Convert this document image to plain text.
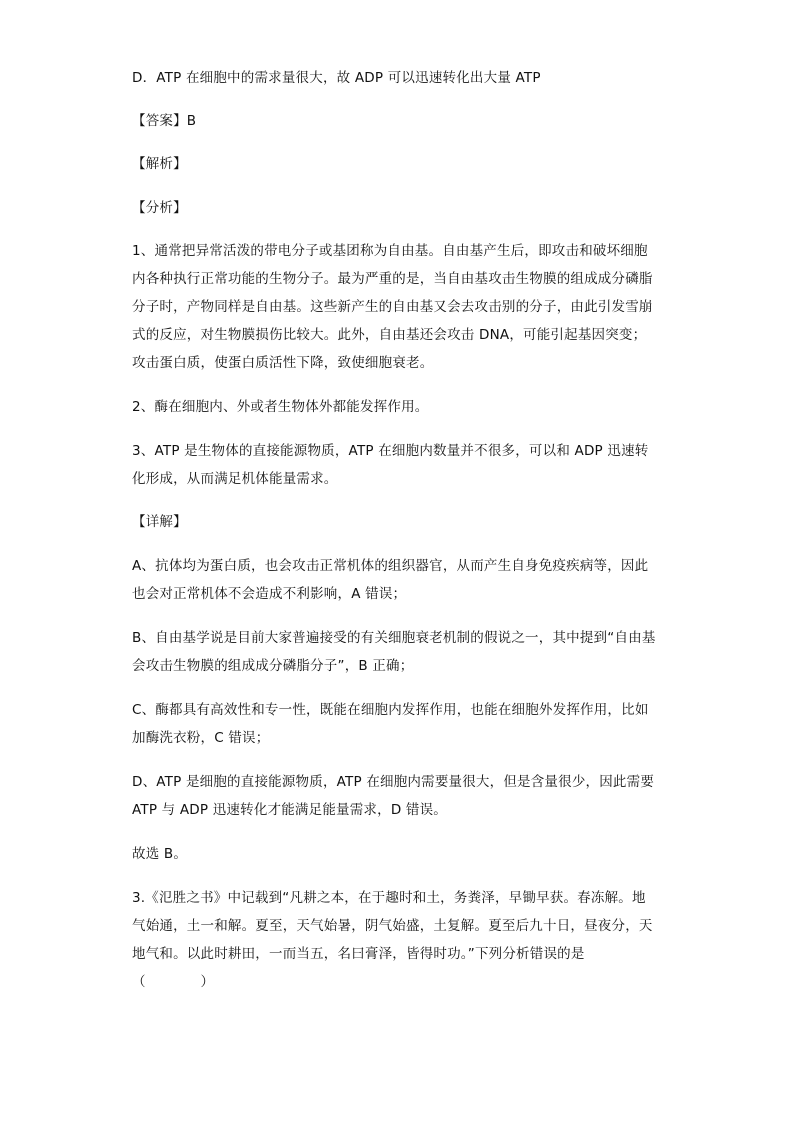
D．ATP 在细胞中的需求量很大，故 ADP 可以迅速转化出大量 ATP

【答案】B

【解析】

【分析】

1、通常把异常活泼的带电分子或基团称为自由基。自由基产生后，即攻击和破坏细胞

内各种执行正常功能的生物分子。最为严重的是，当自由基攻击生物膜的组成成分磷脂

分子时，产物同样是自由基。这些新产生的自由基又会去攻击别的分子，由此引发雪崩

式的反应，对生物膜损伤比较大。此外，自由基还会攻击 DNA，可能引起基因突变；

攻击蛋白质，使蛋白质活性下降，致使细胞衰老。

2、酶在细胞内、外或者生物体外都能发挥作用。

3、ATP 是生物体的直接能源物质，ATP 在细胞内数量并不很多，可以和 ADP 迅速转

化形成，从而满足机体能量需求。

【详解】

A、抗体均为蛋白质，也会攻击正常机体的组织器官，从而产生自身免疫疾病等，因此

也会对正常机体不会造成不利影响，A 错误；

B、自由基学说是目前大家普遍接受的有关细胞衰老机制的假说之一，其中提到“自由基

会攻击生物膜的组成成分磷脂分子”，B 正确；

C、酶都具有高效性和专一性，既能在细胞内发挥作用，也能在细胞外发挥作用，比如

加酶洗衣粉，C 错误；

D、ATP 是细胞的直接能源物质，ATP 在细胞内需要量很大，但是含量很少，因此需要

ATP 与 ADP 迅速转化才能满足能量需求，D 错误。

故选 B。

3.《氾胜之书》中记载到“凡耕之本，在于趣时和土，务粪泽，早锄早获。春冻解。地

气始通，土一和解。夏至，天气始暑，阴气始盛，土复解。夏至后九十日，昼夜分，天

地气和。以此时耕田，一而当五，名曰膏泽，皆得时功。”下列分析错误的是

（　　　　）
